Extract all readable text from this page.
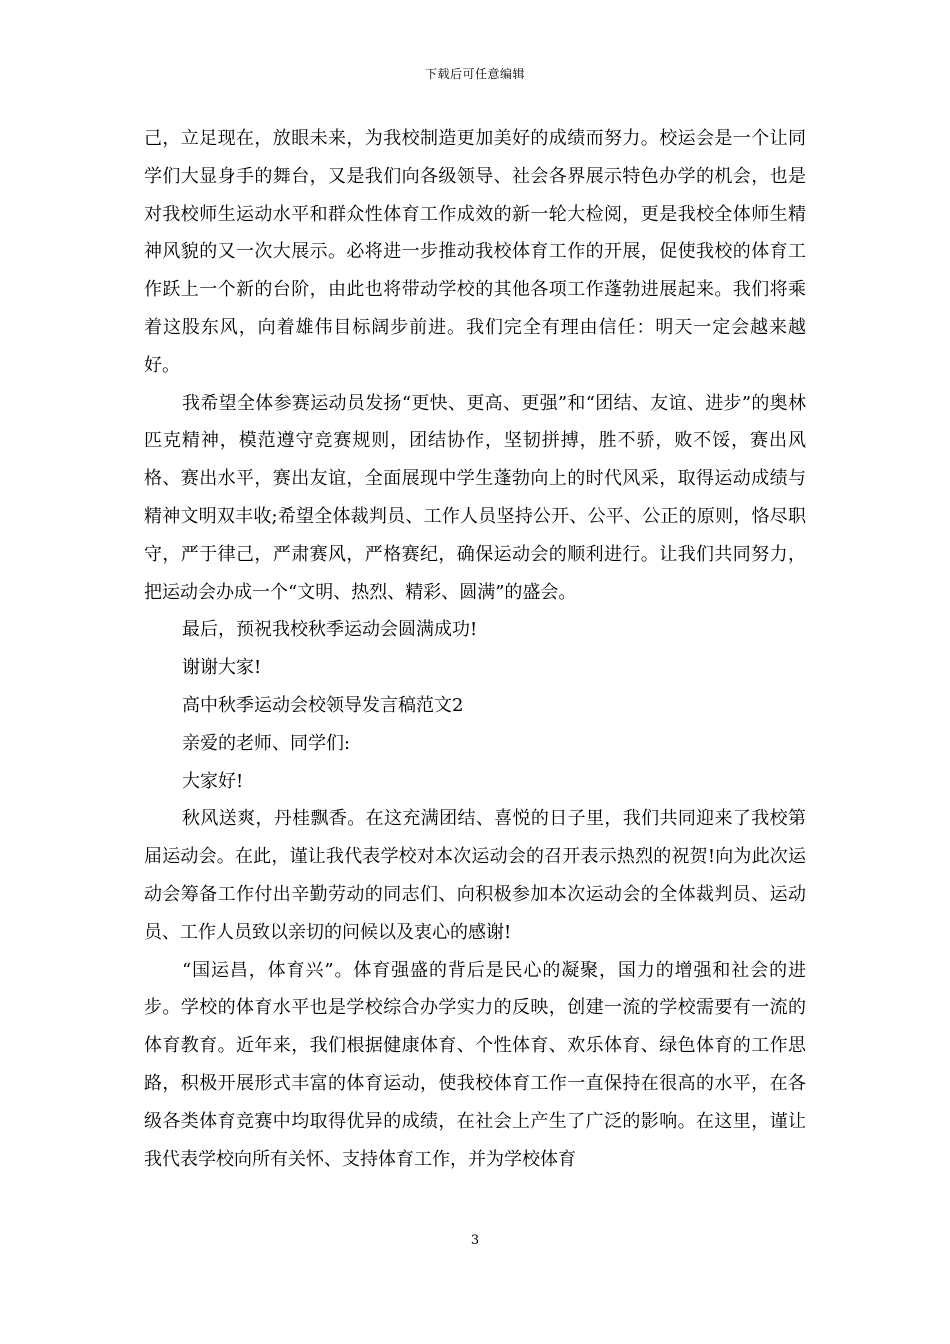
下载后可任意编辑

己，立足现在，放眼未来，为我校制造更加美好的成绩而努力。校运会是一个让同学们大显身手的舞台，又是我们向各级领导、社会各界展示特色办学的机会，也是对我校师生运动水平和群众性体育工作成效的新一轮大检阅，更是我校全体师生精神风貌的又一次大展示。必将进一步推动我校体育工作的开展，促使我校的体育工作跃上一个新的台阶，由此也将带动学校的其他各项工作蓬勃进展起来。我们将乘着这股东风，向着雄伟目标阔步前进。我们完全有理由信任：明天一定会越来越好。

我希望全体参赛运动员发扬“更快、更高、更强”和“团结、友谊、进步”的奥林匹克精神，模范遵守竞赛规则，团结协作，坚韧拼搏，胜不骄，败不馁，赛出风格、赛出水平，赛出友谊，全面展现中学生蓬勃向上的时代风采，取得运动成绩与精神文明双丰收;希望全体裁判员、工作人员坚持公开、公平、公正的原则，恪尽职守，严于律己，严肃赛风，严格赛纪，确保运动会的顺利进行。让我们共同努力，把运动会办成一个“文明、热烈、精彩、圆满”的盛会。

最后，预祝我校秋季运动会圆满成功!

谢谢大家!

高中秋季运动会校领导发言稿范文2

亲爱的老师、同学们:

大家好!

秋风送爽，丹桂飘香。在这充满团结、喜悦的日子里，我们共同迎来了我校第届运动会。在此，谨让我代表学校对本次运动会的召开表示热烈的祝贺!向为此次运动会筹备工作付出辛勤劳动的同志们、向积极参加本次运动会的全体裁判员、运动员、工作人员致以亲切的问候以及衷心的感谢!

“国运昌，体育兴”。体育强盛的背后是民心的凝聚，国力的增强和社会的进步。学校的体育水平也是学校综合办学实力的反映，创建一流的学校需要有一流的体育教育。近年来，我们根据健康体育、个性体育、欢乐体育、绿色体育的工作思路，积极开展形式丰富的体育运动，使我校体育工作一直保持在很高的水平，在各级各类体育竞赛中均取得优异的成绩，在社会上产生了广泛的影响。在这里，谨让我代表学校向所有关怀、支持体育工作，并为学校体育

3
